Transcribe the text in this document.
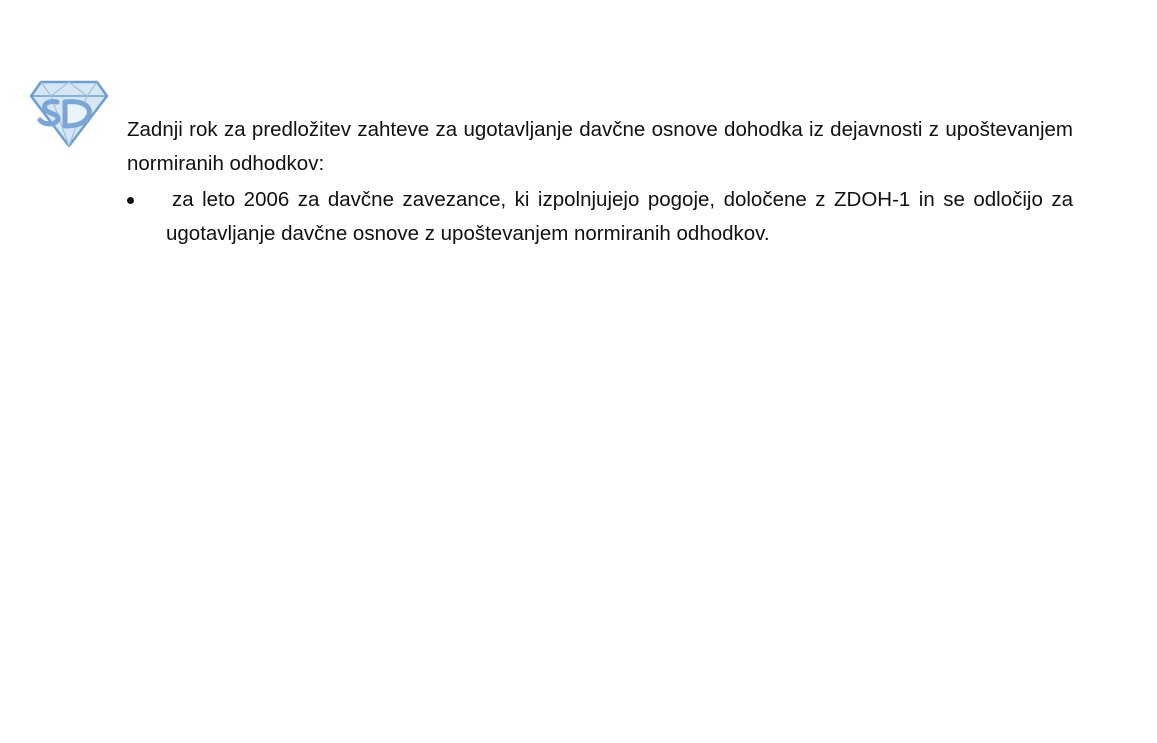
Zadnji rok za predložitev zahteve za ugotavljanje davčne osnove dohodka iz dejavnosti z upoštevanjem normiranih odhodkov:

za leto 2006 za davčne zavezance, ki izpolnjujejo pogoje, določene z ZDOH-1 in se odločijo za ugotavljanje davčne osnove z upoštevanjem normiranih odhodkov.
